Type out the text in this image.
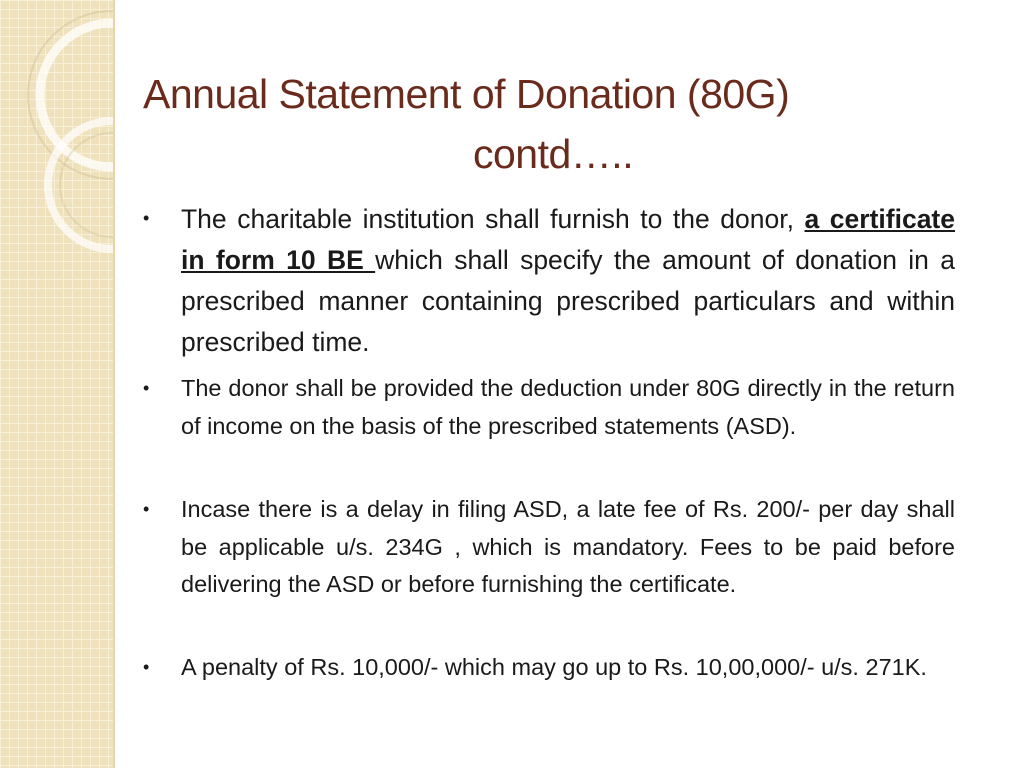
Annual Statement of Donation (80G)
contd…..
• The charitable institution shall furnish to the donor, a certificate in form 10 BE which shall specify the amount of donation in a prescribed manner containing prescribed particulars and within prescribed time.
• The donor shall be provided the deduction under 80G directly in the return of income on the basis of the prescribed statements (ASD).
• Incase there is a delay in filing ASD, a late fee of Rs. 200/- per day shall be applicable u/s. 234G , which is mandatory. Fees to be paid before delivering the ASD or before furnishing the certificate.
• A penalty of Rs. 10,000/- which may go up to Rs. 10,00,000/- u/s. 271K.
